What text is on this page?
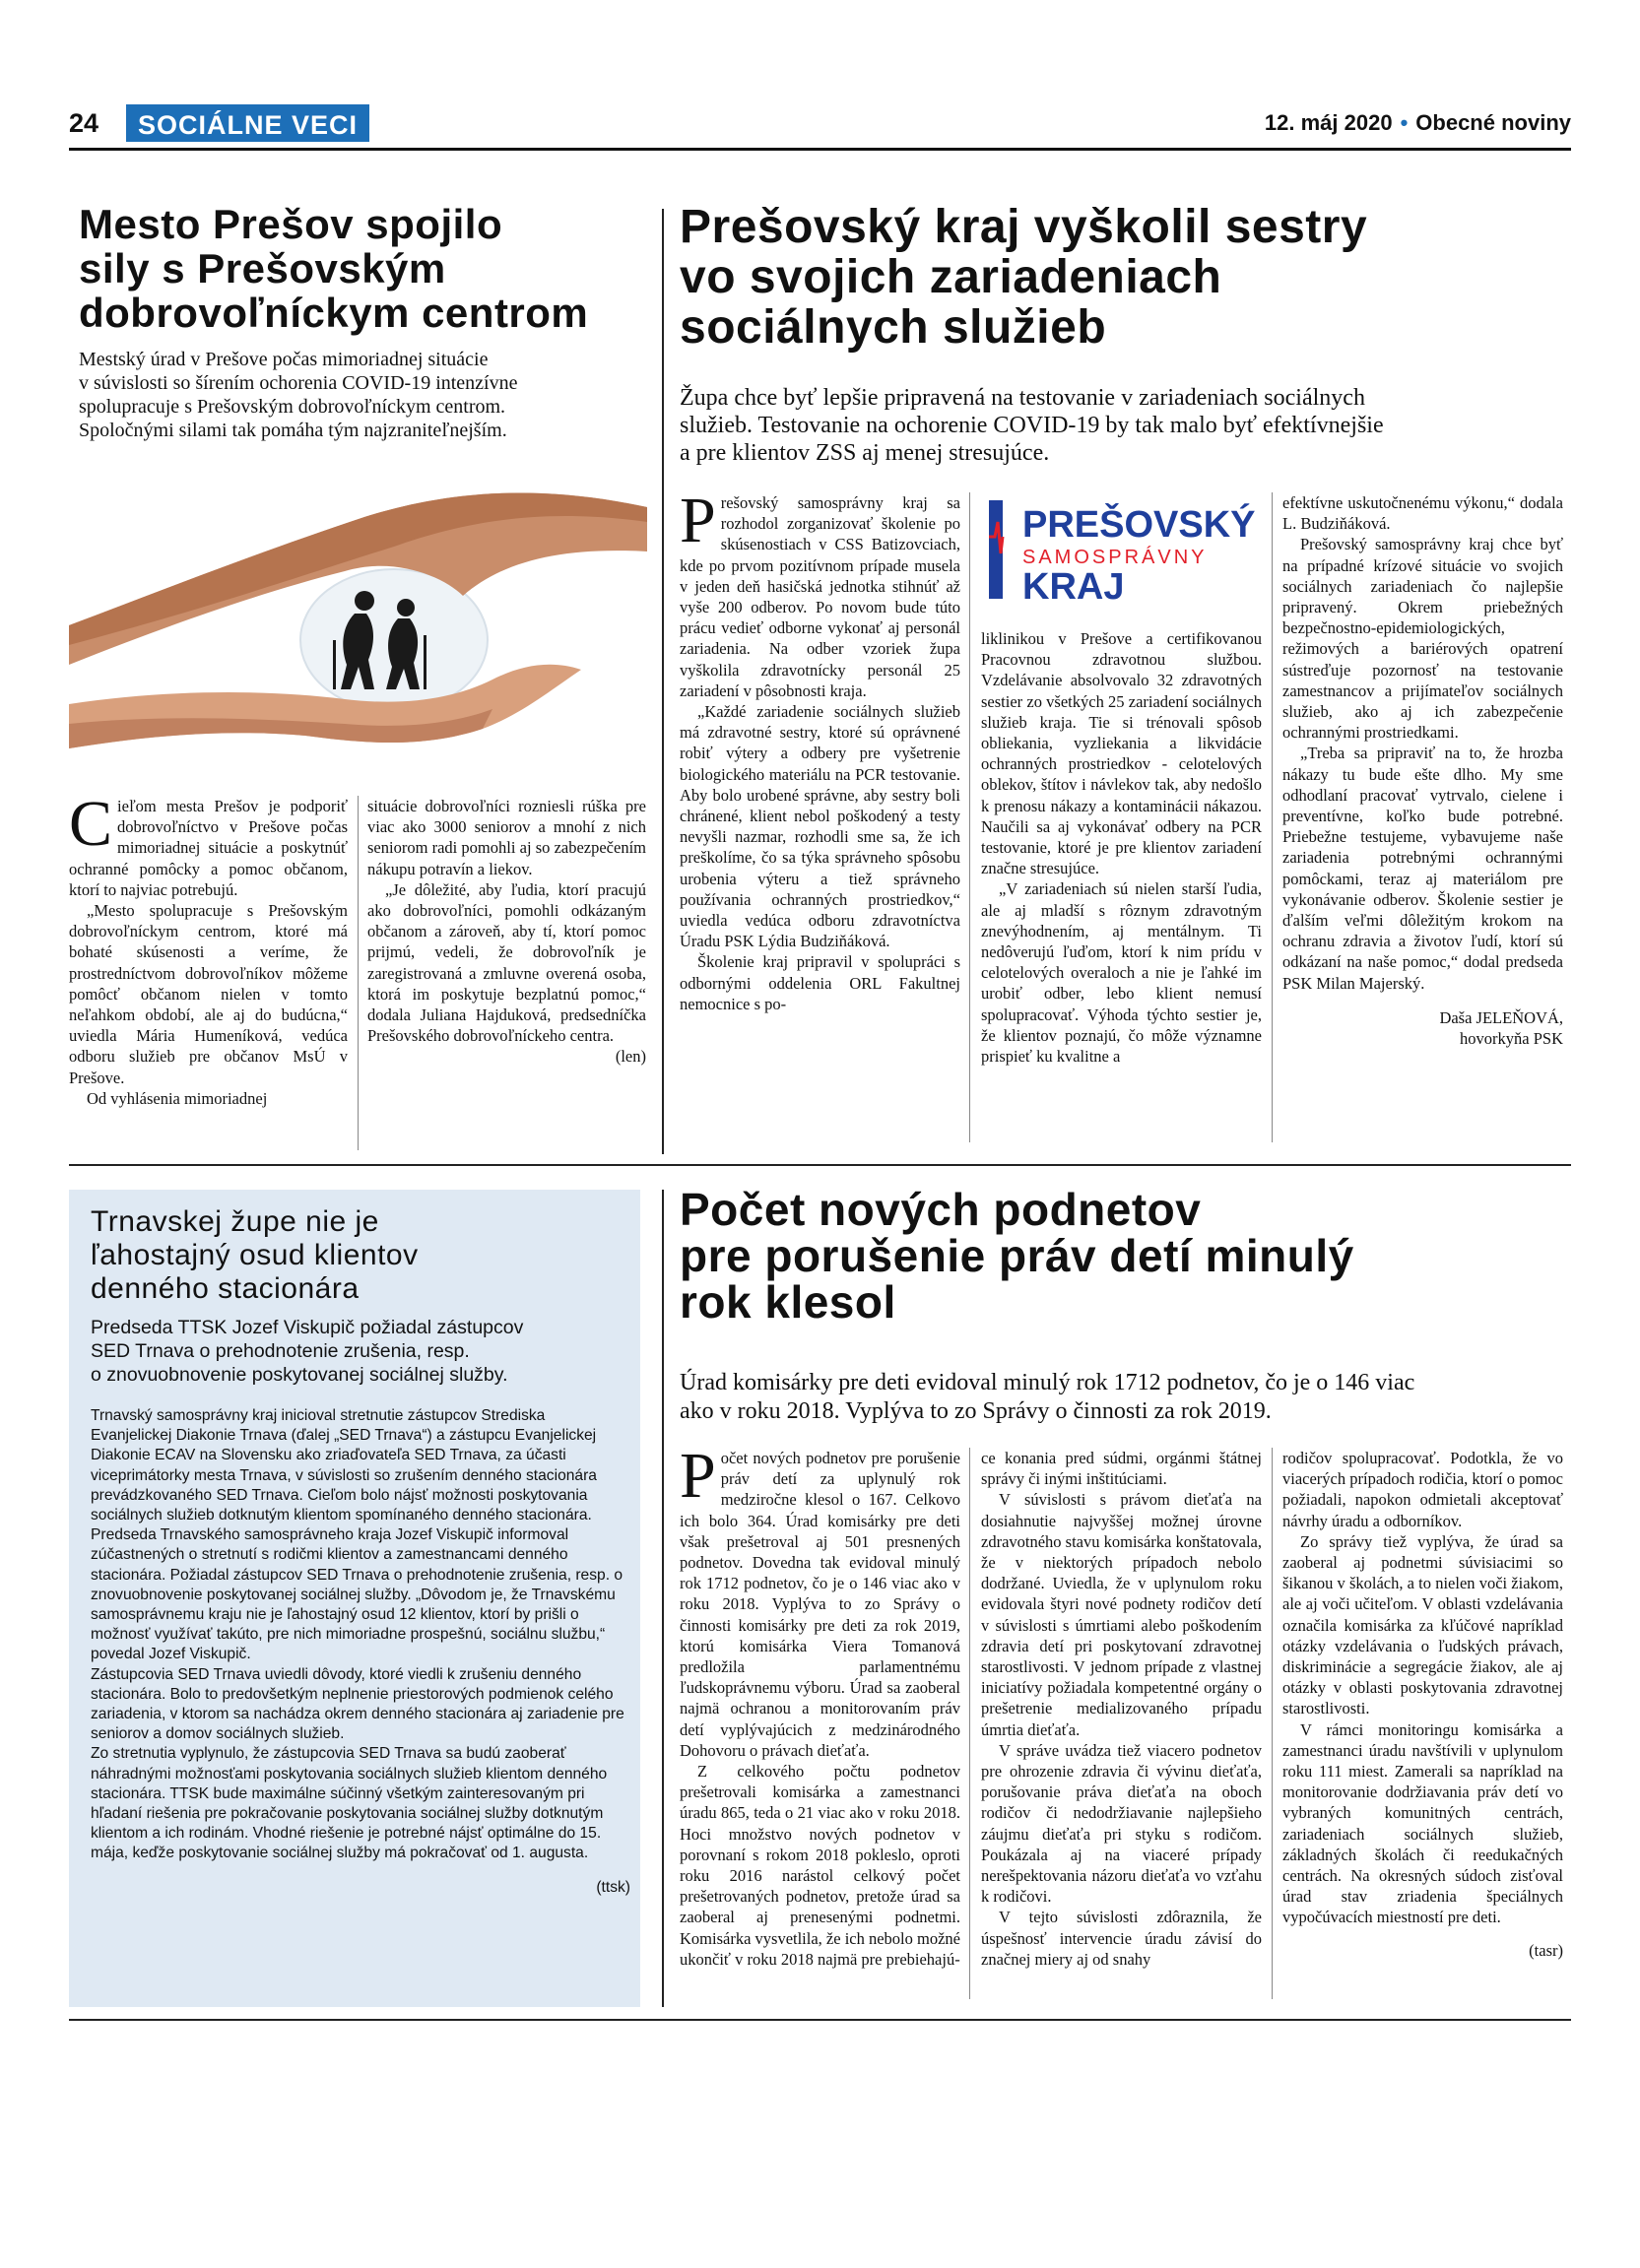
24	SOCIÁLNE VECI	12. máj 2020 • Obecné noviny
Mesto Prešov spojilo
sily s Prešovským
dobrovoľníckym centrom
Mestský úrad v Prešove počas mimoriadnej situácie
v súvislosti so šírením ochorenia COVID-19 intenzívne
spolupracuje s Prešovským dobrovoľníckym centrom.
Spoločnými silami tak pomáha tým najzraniteľnejším.

Cieľom mesta Prešov je podporiť dobrovoľníctvo v Prešove počas mimoriadnej situácie a poskytnúť ochranné pomôcky a pomoc občanom, ktorí to najviac potrebujú.

„Mesto spolupracuje s Prešovským dobrovoľníckym centrom, ktoré má bohaté skúsenosti a veríme, že prostredníctvom dobrovoľníkov môžeme pomôcť občanom nielen v tomto neľahkom období, ale aj do budúcna,“ uviedla Mária Humeníková, vedúca odboru služieb pre občanov MsÚ v Prešove.

Od vyhlásenia mimoriadnej

situácie dobrovoľníci rozniesli rúška pre viac ako 3000 seniorov a mnohí z nich seniorom radi pomohli aj so zabezpečením nákupu potravín a liekov.

„Je dôležité, aby ľudia, ktorí pracujú ako dobrovoľníci, pomohli odkázaným občanom a zároveň, aby tí, ktorí pomoc prijmú, vedeli, že dobrovoľník je zaregistrovaná a zmluvne overená osoba, ktorá im poskytuje bezplatnú pomoc,“ dodala Juliana Hajduková, predsedníčka Prešovského dobrovoľníckeho centra.

(len)
Prešovský kraj vyškolil sestry
vo svojich zariadeniach
sociálnych služieb
Župa chce byť lepšie pripravená na testovanie v zariadeniach sociálnych
služieb. Testovanie na ochorenie COVID-19 by tak malo byť efektívnejšie
a pre klientov ZSS aj menej stresujúce.

Prešovský samosprávny kraj sa rozhodol zorganizovať školenie po skúsenostiach v CSS Batizovciach, kde po prvom pozitívnom prípade musela v jeden deň hasičská jednotka stihnúť až vyše 200 odberov. Po novom bude túto prácu vedieť odborne vykonať aj personál zariadenia. Na odber vzoriek župa vyškolila zdravotnícky personál 25 zariadení v pôsobnosti kraja.

„Každé zariadenie sociálnych služieb má zdravotné sestry, ktoré sú oprávnené robiť výtery a odbery pre vyšetrenie biologického materiálu na PCR testovanie. Aby bolo urobené správne, aby sestry boli chránené, klient nebol poškodený a testy nevyšli nazmar, rozhodli sme sa, že ich preškolíme, čo sa týka správneho spôsobu urobenia výteru a tiež správneho používania ochranných prostriedkov,“ uviedla vedúca odboru zdravotníctva Úradu PSK Lýdia Budziňáková.

Školenie kraj pripravil v spolupráci s odbornými oddelenia ORL Fakultnej nemocnice s po-

PREŠOVSKÝ
SAMOSPRÁVNY
KRAJ

liklinikou v Prešove a certifikovanou Pracovnou zdravotnou službou. Vzdelávanie absolvovalo 32 zdravotných sestier zo všetkých 25 zariadení sociálnych služieb kraja. Tie si trénovali spôsob obliekania, vyzliekania a likvidácie ochranných prostriedkov - celotelových oblekov, štítov i návlekov tak, aby nedošlo k prenosu nákazy a kontaminácii nákazou. Naučili sa aj vykonávať odbery na PCR testovanie, ktoré je pre klientov zariadení značne stresujúce.

„V zariadeniach sú nielen starší ľudia, ale aj mladší s rôznym zdravotným znevýhodnením, aj mentálnym. Ti nedôverujú ľuďom, ktorí k nim prídu v celotelových overaloch a nie je ľahké im urobiť odber, lebo klient nemusí spolupracovať. Výhoda týchto sestier je, že klientov poznajú, čo môže významne prispieť ku kvalitne a

efektívne uskutočnenému výkonu,“ dodala L. Budziňáková.

Prešovský samosprávny kraj chce byť na prípadné krízové situácie vo svojich sociálnych zariadeniach čo najlepšie pripravený. Okrem priebežných bezpečnostno-epidemiologických, režimových a bariérových opatrení sústreďuje pozornosť na testovanie zamestnancov a prijímateľov sociálnych služieb, ako aj ich zabezpečenie ochrannými prostriedkami.

„Treba sa pripraviť na to, že hrozba nákazy tu bude ešte dlho. My sme odhodlaní pracovať vytrvalo, cielene i preventívne, koľko bude potrebné. Priebežne testujeme, vybavujeme naše zariadenia potrebnými ochrannými pomôckami, teraz aj materiálom pre vykonávanie odberov. Školenie sestier je ďalším veľmi dôležitým krokom na ochranu zdravia a životov ľudí, ktorí sú odkázaní na naše pomoc,“ dodal predseda PSK Milan Majerský.

Daša JELEŇOVÁ,
hovorkyňa PSK
Trnavskej župe nie je
ľahostajný osud klientov
denného stacionára
Predseda TTSK Jozef Viskupič požiadal zástupcov
SED Trnava o prehodnotenie zrušenia, resp.
o znovuobnovenie poskytovanej sociálnej služby.

Trnavský samosprávny kraj inicioval stretnutie zástupcov Strediska Evanjelickej Diakonie Trnava (ďalej „SED Trnava“) a zástupcu Evanjelickej Diakonie ECAV na Slovensku ako zriaďovateľa SED Trnava, za účasti viceprimátorky mesta Trnava, v súvislosti so zrušením denného stacionára prevádzkovaného SED Trnava. Cieľom bolo nájsť možnosti poskytovania sociálnych služieb dotknutým klientom spomínaného denného stacionára.

Predseda Trnavského samosprávneho kraja Jozef Viskupič informoval zúčastnených o stretnutí s rodičmi klientov a zamestnancami denného stacionára. Požiadal zástupcov SED Trnava o prehodnotenie zrušenia, resp. o znovuobnovenie poskytovanej sociálnej služby. „Dôvodom je, že Trnavskému samosprávnemu kraju nie je ľahostajný osud 12 klientov, ktorí by prišli o možnosť využívať takúto, pre nich mimoriadne prospešnú, sociálnu službu,“ povedal Jozef Viskupič.

Zástupcovia SED Trnava uviedli dôvody, ktoré viedli k zrušeniu denného stacionára. Bolo to predovšetkým neplnenie priestorových podmienok celého zariadenia, v ktorom sa nachádza okrem denného stacionára aj zariadenie pre seniorov a domov sociálnych služieb.

Zo stretnutia vyplynulo, že zástupcovia SED Trnava sa budú zaoberať náhradnými možnosťami poskytovania sociálnych služieb klientom denného stacionára. TTSK bude maximálne súčinný všetkým zainteresovaným pri hľadaní riešenia pre pokračovanie poskytovania sociálnej služby dotknutým klientom a ich rodinám. Vhodné riešenie je potrebné nájsť optimálne do 15. mája, keďže poskytovanie sociálnej služby má pokračovať od 1. augusta.

(ttsk)
Počet nových podnetov
pre porušenie práv detí minulý
rok klesol
Úrad komisárky pre deti evidoval minulý rok 1712 podnetov, čo je o 146 viac
ako v roku 2018. Vyplýva to zo Správy o činnosti za rok 2019.

Počet nových podnetov pre porušenie práv detí za uplynulý rok medziročne klesol o 167. Celkovo ich bolo 364. Úrad komisárky pre deti však prešetroval aj 501 presnených podnetov. Dovedna tak evidoval minulý rok 1712 podnetov, čo je o 146 viac ako v roku 2018. Vyplýva to zo Správy o činnosti komisárky pre deti za rok 2019, ktorú komisárka Viera Tomanová predložila parlamentnému ľudskoprávnemu výboru. Úrad sa zaoberal najmä ochranou a monitorovaním práv detí vyplývajúcich z medzinárodného Dohovoru o právach dieťaťa.

Z celkového počtu podnetov prešetrovali komisárka a zamestnanci úradu 865, teda o 21 viac ako v roku 2018. Hoci množstvo nových podnetov v porovnaní s rokom 2018 pokleslo, oproti roku 2016 narástol celkový počet prešetrovaných podnetov, pretože úrad sa zaoberal aj prenesenými podnetmi. Komisárka vysvetlila, že ich nebolo možné ukončiť v roku 2018 najmä pre prebiehajú-

ce konania pred súdmi, orgánmi štátnej správy či inými inštitúciami.

V súvislosti s právom dieťaťa na dosiahnutie najvyššej možnej úrovne zdravotného stavu komisárka konštatovala, že v niektorých prípadoch nebolo dodržané. Uviedla, že v uplynulom roku evidovala štyri nové podnety rodičov detí v súvislosti s úmrtiami alebo poškodením zdravia detí pri poskytovaní zdravotnej starostlivosti. V jednom prípade z vlastnej iniciatívy požiadala kompetentné orgány o prešetrenie medializovaného prípadu úmrtia dieťaťa.

V správe uvádza tiež viacero podnetov pre ohrozenie zdravia či vývinu dieťaťa, porušovanie práva dieťaťa na oboch rodičov či nedodržiavanie najlepšieho záujmu dieťaťa pri styku s rodičom. Poukázala aj na viaceré prípady nerešpektovania názoru dieťaťa vo vzťahu k rodičovi.

V tejto súvislosti zdôraznila, že úspešnosť intervencie úradu závisí do značnej miery aj od snahy

rodičov spolupracovať. Podotkla, že vo viacerých prípadoch rodičia, ktorí o pomoc požiadali, napokon odmietali akceptovať návrhy úradu a odborníkov.

Zo správy tiež vyplýva, že úrad sa zaoberal aj podnetmi súvisiacimi so šikanou v školách, a to nielen voči žiakom, ale aj voči učiteľom. V oblasti vzdelávania označila komisárka za kľúčové napríklad otázky vzdelávania o ľudských právach, diskriminácie a segregácie žiakov, ale aj otázky v oblasti poskytovania zdravotnej starostlivosti.

V rámci monitoringu komisárka a zamestnanci úradu navštívili v uplynulom roku 111 miest. Zamerali sa napríklad na monitorovanie dodržiavania práv detí vo vybraných komunitných centrách, zariadeniach sociálnych služieb, základných školách či reedukačných centrách. Na okresných súdoch zisťoval úrad stav zriadenia špeciálnych vypočúvacích miestností pre deti.

(tasr)
